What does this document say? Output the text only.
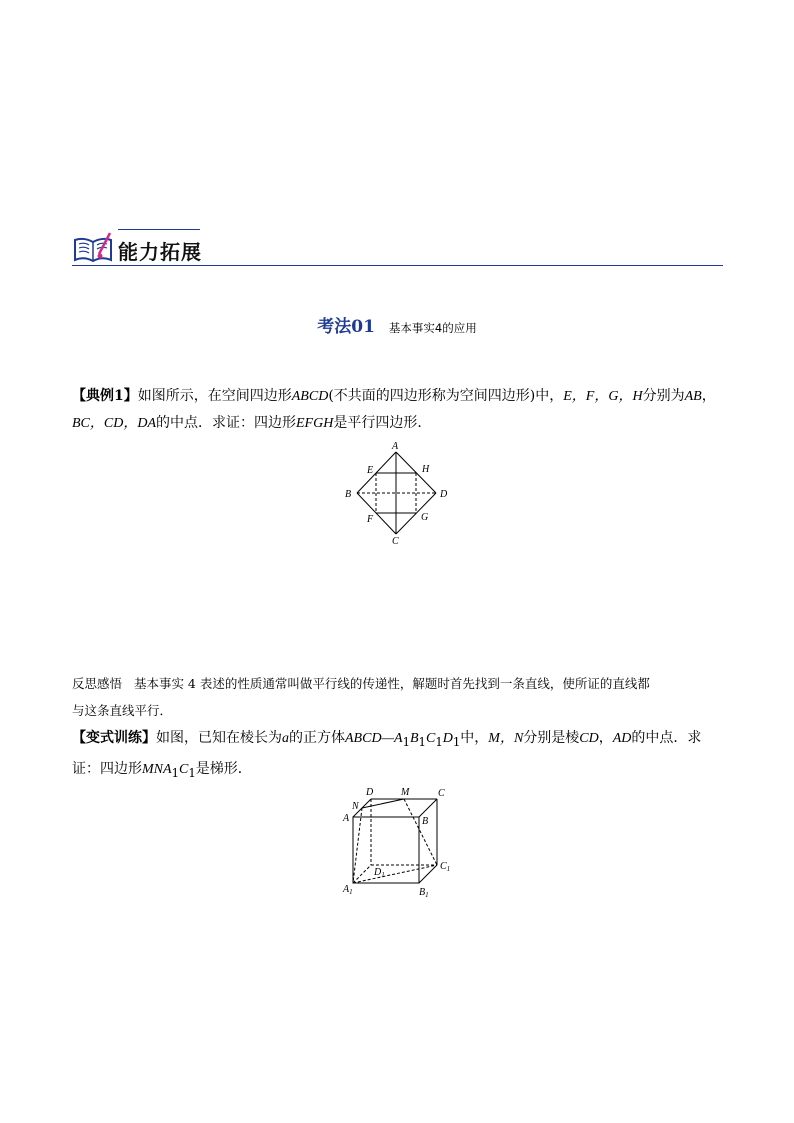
能力拓展
考法01 基本事实4的应用
【典例1】如图所示，在空间四边形ABCD(不共面的四边形称为空间四边形)中，E，F，G，H分别为AB，
BC，CD，DA的中点．求证：四边形EFGH是平行四边形．
A
B
C
D
E
F	G
H
反思感悟 基本事实 4 表述的性质通常叫做平行线的传递性，解题时首先找到一条直线，使所证的直线都
与这条直线平行．
【变式训练】如图，已知在棱长为a的正方体$ABCD—A_1B_1C_1D_1$中，M，N分别是棱CD，AD的中点．求
证：四边形$MNA_1C_1$是梯形．
D	M	C
N
A	B
$C_1$
$D_1$
$A_1$	$B_1$
